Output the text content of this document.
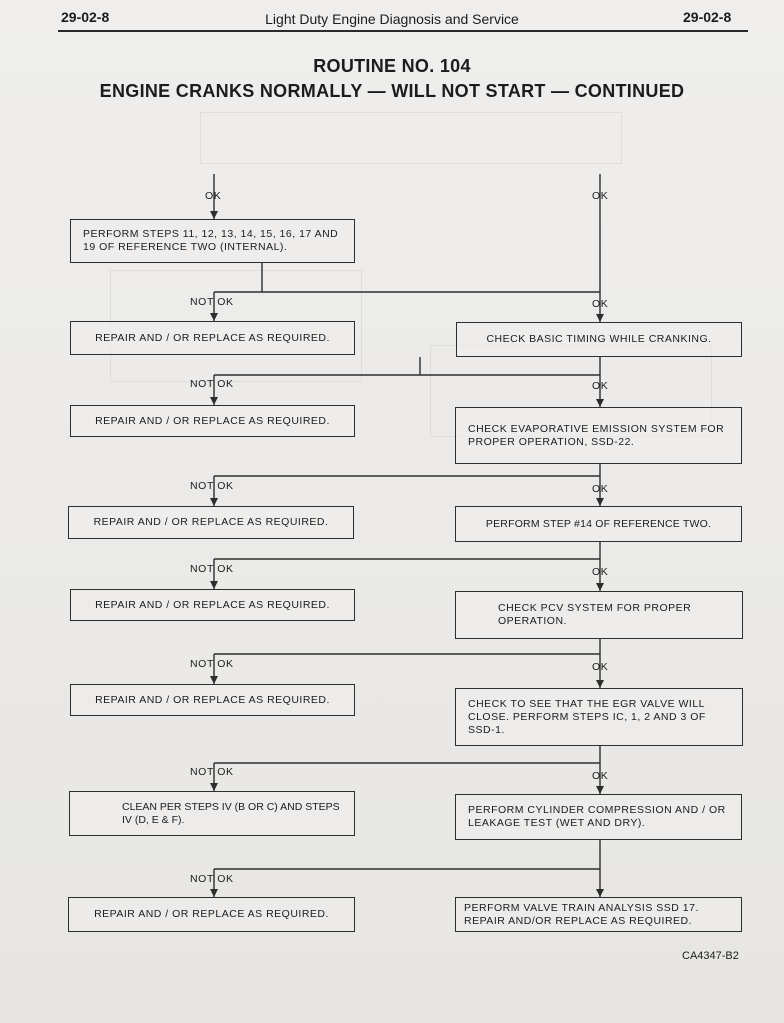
29-02-8	Light Duty Engine Diagnosis and Service	29-02-8
ROUTINE NO. 104
ENGINE CRANKS NORMALLY — WILL NOT START — CONTINUED
OK	OK
NOT OK	OK
NOT OK	OK
NOT OK	OK
NOT OK	OK
NOT OK	OK
NOT OK	OK
NOT OK
PERFORM STEPS 11, 12, 13, 14, 15, 16, 17 AND 19 OF REFERENCE TWO (INTERNAL).
REPAIR AND / OR REPLACE AS REQUIRED.
REPAIR AND / OR REPLACE AS REQUIRED.
REPAIR AND / OR REPLACE AS REQUIRED.
REPAIR AND / OR REPLACE AS REQUIRED.
REPAIR AND / OR REPLACE AS REQUIRED.
CLEAN PER STEPS IV (B OR C) AND STEPS IV (D, E & F).
REPAIR AND / OR REPLACE AS REQUIRED.
CHECK BASIC TIMING WHILE CRANKING.
CHECK EVAPORATIVE EMISSION SYSTEM FOR PROPER OPERATION, SSD-22.
PERFORM STEP #14 OF REFERENCE TWO.
CHECK PCV SYSTEM FOR PROPER OPERATION.
CHECK TO SEE THAT THE EGR VALVE WILL CLOSE. PERFORM STEPS IC, 1, 2 AND 3 OF SSD-1.
PERFORM CYLINDER COMPRESSION AND / OR LEAKAGE TEST (WET AND DRY).
PERFORM VALVE TRAIN ANALYSIS SSD 17. REPAIR AND/OR REPLACE AS REQUIRED.
CA4347-B2
